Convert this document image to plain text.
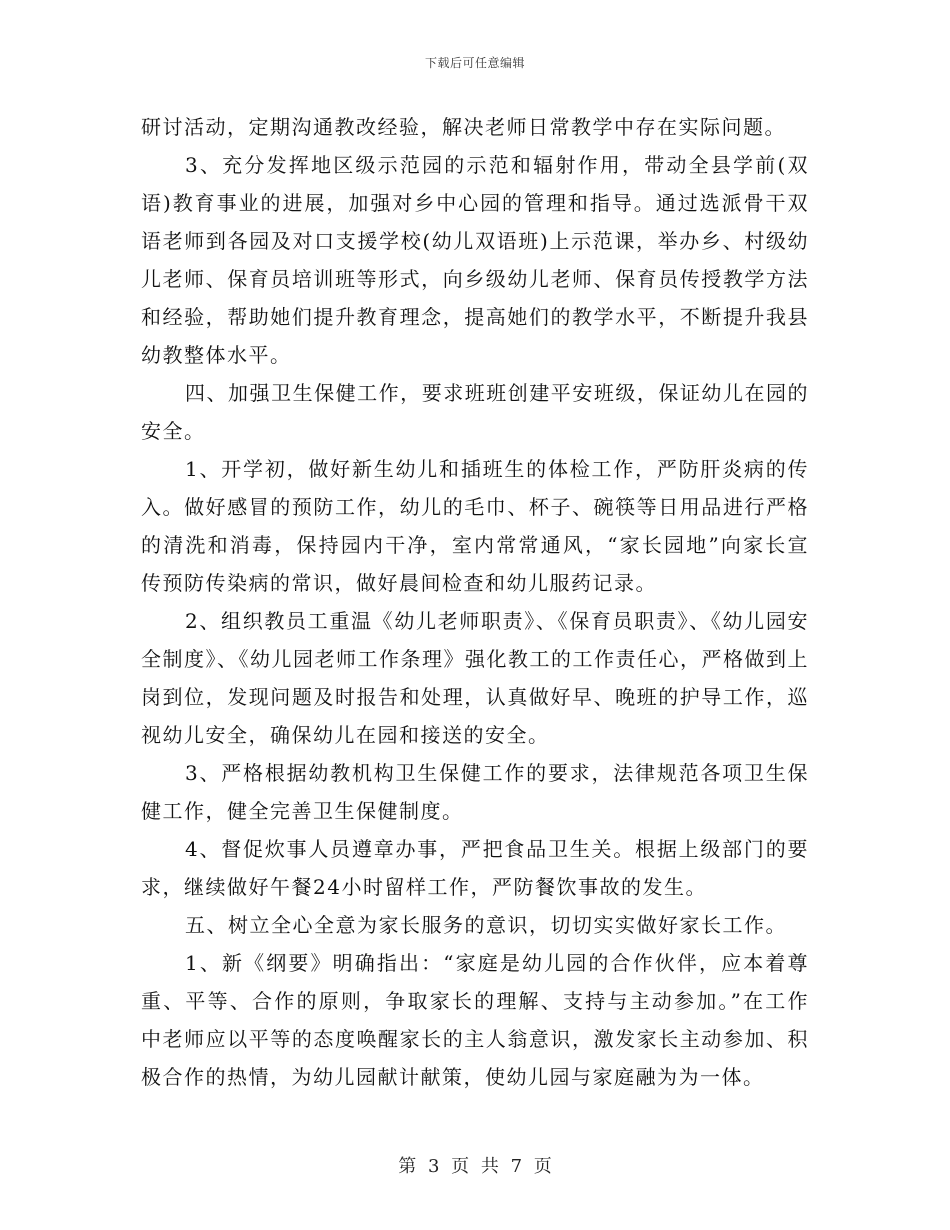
下载后可任意编辑

研讨活动，定期沟通教改经验，解决老师日常教学中存在实际问题。

3、充分发挥地区级示范园的示范和辐射作用，带动全县学前(双语)教育事业的进展，加强对乡中心园的管理和指导。通过选派骨干双语老师到各园及对口支援学校(幼儿双语班)上示范课，举办乡、村级幼儿老师、保育员培训班等形式，向乡级幼儿老师、保育员传授教学方法和经验，帮助她们提升教育理念，提高她们的教学水平，不断提升我县幼教整体水平。

四、加强卫生保健工作，要求班班创建平安班级，保证幼儿在园的安全。

1、开学初，做好新生幼儿和插班生的体检工作，严防肝炎病的传入。做好感冒的预防工作，幼儿的毛巾、杯子、碗筷等日用品进行严格的清洗和消毒，保持园内干净，室内常常通风，“家长园地”向家长宣传预防传染病的常识，做好晨间检查和幼儿服药记录。

2、组织教员工重温《幼儿老师职责》、《保育员职责》、《幼儿园安全制度》、《幼儿园老师工作条理》强化教工的工作责任心，严格做到上岗到位，发现问题及时报告和处理，认真做好早、晚班的护导工作，巡视幼儿安全，确保幼儿在园和接送的安全。

3、严格根据幼教机构卫生保健工作的要求，法律规范各项卫生保健工作，健全完善卫生保健制度。

4、督促炊事人员遵章办事，严把食品卫生关。根据上级部门的要求，继续做好午餐24小时留样工作，严防餐饮事故的发生。

五、树立全心全意为家长服务的意识，切切实实做好家长工作。

1、新《纲要》明确指出：“家庭是幼儿园的合作伙伴，应本着尊重、平等、合作的原则，争取家长的理解、支持与主动参加。”在工作中老师应以平等的态度唤醒家长的主人翁意识，激发家长主动参加、积极合作的热情，为幼儿园献计献策，使幼儿园与家庭融为为一体。

第 3 页 共 7 页
